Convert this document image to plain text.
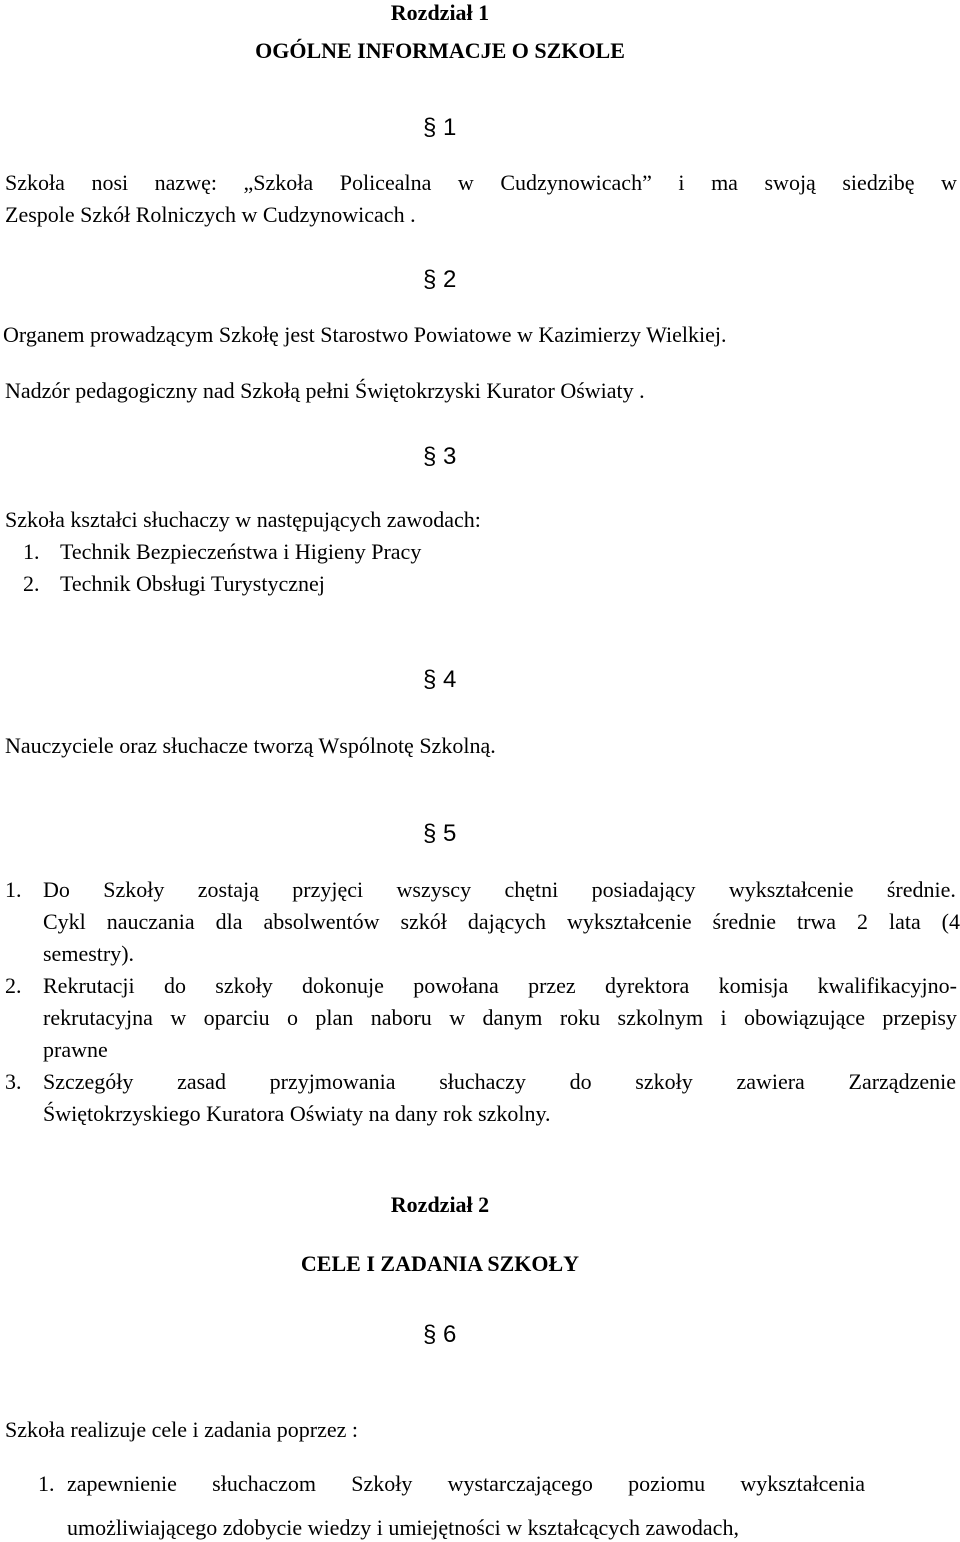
Rozdział 1
OGÓLNE INFORMACJE O SZKOLE
§ 1
Szkoła nosi nazwę: „Szkoła Policealna w Cudzynowicach” i ma swoją siedzibę w
Zespole Szkół Rolniczych w Cudzynowicach .
§ 2
Organem prowadzącym Szkołę jest Starostwo Powiatowe w Kazimierzy Wielkiej.
Nadzór pedagogiczny nad Szkołą pełni Świętokrzyski Kurator Oświaty .
§ 3
Szkoła kształci słuchaczy w następujących zawodach:
1. Technik Bezpieczeństwa i Higieny Pracy
2. Technik Obsługi Turystycznej
§ 4
Nauczyciele oraz słuchacze tworzą Wspólnotę Szkolną.
§ 5
1. Do Szkoły zostają przyjęci wszyscy chętni posiadający wykształcenie średnie.
Cykl nauczania dla absolwentów szkół dających wykształcenie średnie trwa 2 lata (4
semestry).
2. Rekrutacji do szkoły dokonuje powołana przez dyrektora komisja kwalifikacyjno-
rekrutacyjna w oparciu o plan naboru w danym roku szkolnym i obowiązujące przepisy
prawne
3. Szczegóły zasad przyjmowania słuchaczy do szkoły zawiera Zarządzenie
Świętokrzyskiego Kuratora Oświaty na dany rok szkolny.
Rozdział 2
CELE I ZADANIA SZKOŁY
§ 6
Szkoła realizuje cele i zadania poprzez :
1. zapewnienie słuchaczom Szkoły wystarczającego poziomu wykształcenia
umożliwiającego zdobycie wiedzy i umiejętności w kształcących zawodach,
